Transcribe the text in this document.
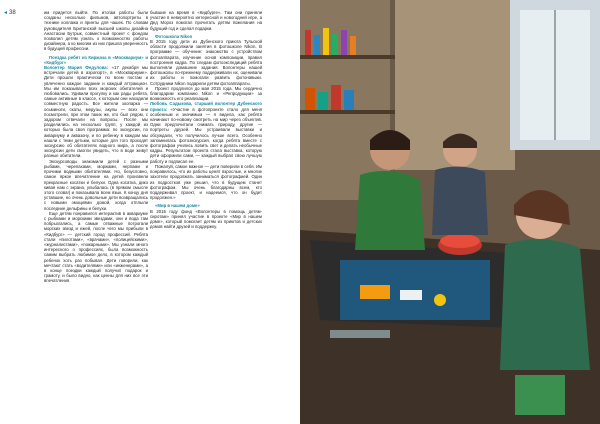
◂ 38	им придется выйти. По итогам работы были созданы несколько фильмов, автопортреты в технике коллажа и принты для чашек. По словам руководителя Британской высшей школы дизайна Анастасии Бутрык, совместный проект с фондом позволил детям узнать о возможностях работы дизайнера, а ко многим из них пришла уверенность в будущей профессии.

Поездка ребят из Киржача в «Москвариум» и «Кидбург»

Волонтер Мария Федулова: «17 декабря мы встречали детей в аэропорт», в «Москвариуме». Дети прошли практически по всем постам и увлеченно каждое задание и каждый аттракцион. Мы им показывали всех морских обитателей и любовались. Удивили прогулку и как рады ребята, самые активные в классе, к которым они находили совместную радость. Все жители зоопарка — осьминоги, скаты, медузы, акулы — всех они посмотрели, при этом таких же, кто был рядом, с задором отвечали на вопросы. После мы разделились на несколько групп, у каждой из которых была своя программа: по экскурсии, по аквариуму и аквазону, и по ребенку в каждом мы нашли с теми детьми, которые для того проходят экскурсию об обитателях водного мира, а после экскурсии дети смогли увидеть, что в воде живут разные обитатели.

Экскурсоводы знакомили детей с разными рыбами, черепахами, моржами, нерпами и прочими водными обитателями. Но, безусловно, самое яркое впечатление на детей произвели прекрасные косатки и белухи. Одна косатка, дико кивая нам с экрана, улыбалась (в прямом смысле этого слова!) и показывала всем язык. К концу дня уставшие, но очень довольные дети возвращались с новыми эмоциями домой, когда отплыли последние дельфины и белухи.

Еще детям понравился интерактив в аквариуме с рыбками и морскими звездами, они и вода там побрызгались, а самые отважные потрогали морских звезд и ежей, после чего мы прибыли в «Кидбург» — детский город профессий. Ребята стали «пилотами», «врачами», «полицейскими», «журналистами», «пожарными». Мы узнали много интересного о профессиях, была возможность самим выбрать любимое дело, в котором каждый ребенок хоть раз побывал. Дети говорили, как мечтают стать «водителями» или «инженерами», а в конце поездки каждый получил подарок и грамоту, и было видно, как ценны для них все эти впечатления.

бывшие на время в «Кидбурге». Там они приняли участие в невероятно интересной и новогодней игре, а Дед Мороз помогал прочитать детям пожелания на будущий год и сделал подарки.

Фотошкола Nikon

В 2015 году дети из Дубенского приюта Тульской области продолжили занятия в фотошколе Nikon. В программе — обучение: знакомство с устройством фотоаппарата, изучение основ композиции, правил построения кадра. По следам фотоэкспедиций ребята выполняли домашние задания. Волонтеры нашей фотошколы по-прежнему поддерживали их, оценивали их работы и помогали развить фотонавыки. Сотрудники Nikon подарили детям фотоаппараты.

Проект продлился до мая 2015 года. Мы сердечно благодарим компанию Nikon и «Репродукции» за возможность его реализации.

Любовь Садыкова, старший волонтер Дубенского приюта: «Участие в фотопроекте стало для меня особенным и значимым — я видела, как ребята начинают по-новому смотреть на мир через объектив. Одни предпочитали снимать природу, другие — портреты друзей. Мы устраивали выставки и обсуждали, что получилось лучше всего. Особенно запомнилась фотоэкскурсия, когда ребята вместе с фотографом учились ловить свет и делать необычные кадры. Результатом проекта стала выставка, которую дети оформили сами, — каждый выбрал свою лучшую работу и подписал ее.

Пожалуй, самое важное — дети поверили в себя. Им понравилось, что их работы ценят взрослые, и многие захотели продолжать заниматься фотографией. Один из подростков уже решил, что в будущем станет фотографом. Мы очень благодарны всем, кто поддерживал проект, и надеемся, что он будет продолжен.»

«Мир в нашем доме»

В 2015 году фонд «Волонтеры в помощь детям-сиротам» принял участие в проекте «Мир в нашем доме», который помогает детям из приютов и детских домов найти друзей и поддержку.
